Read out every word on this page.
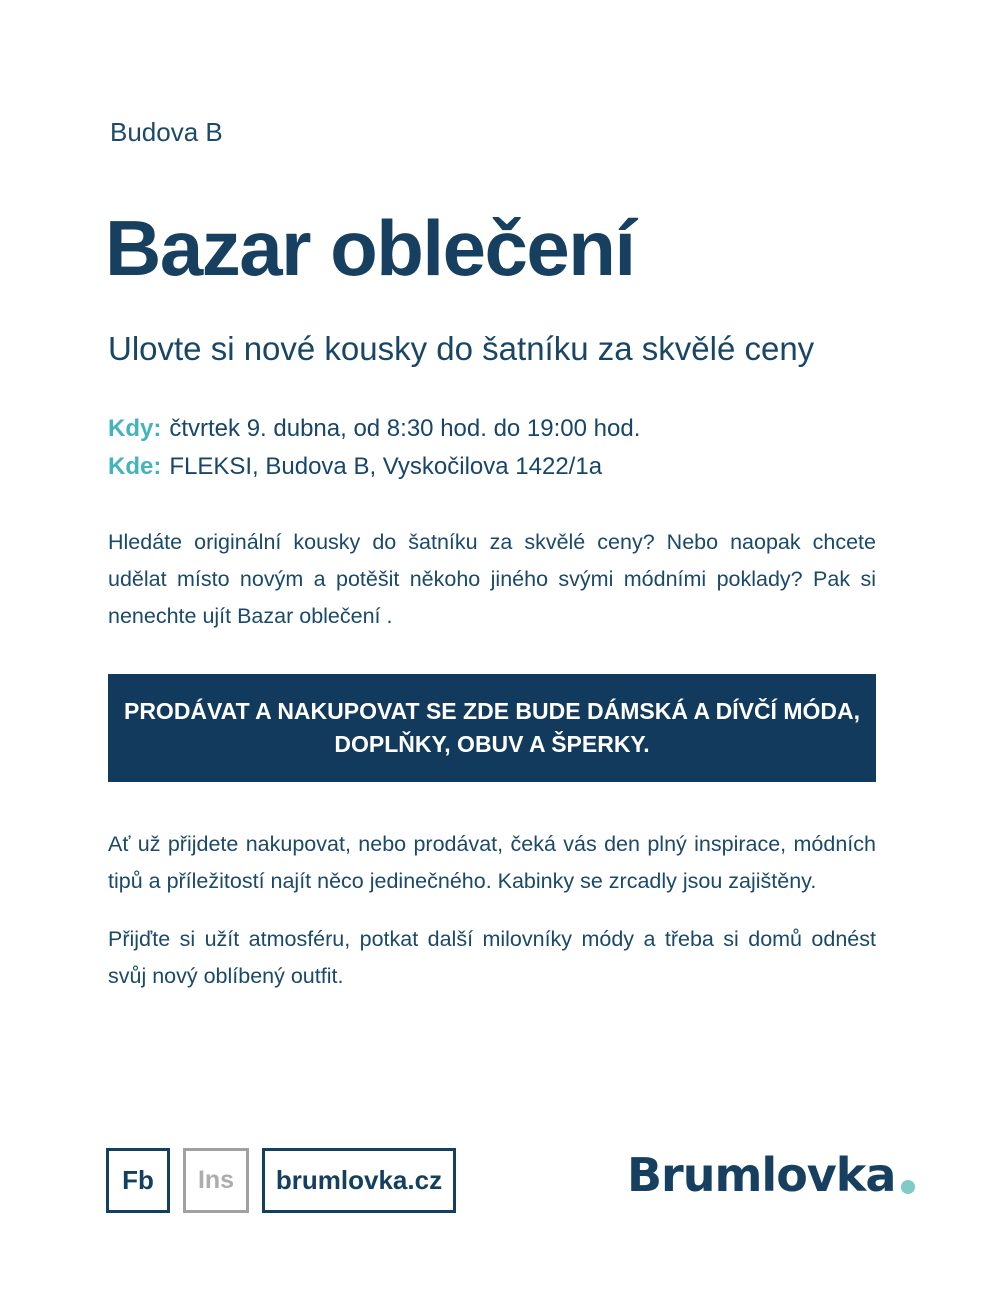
Budova B
Bazar oblečení
Ulovte si nové kousky do šatníku za skvělé ceny
Kdy: čtvrtek 9. dubna, od 8:30 hod. do 19:00 hod.
Kde: FLEKSI, Budova B, Vyskočilova 1422/1a

Hledáte originální kousky do šatníku za skvělé ceny? Nebo naopak chcete udělat místo novým a potěšit někoho jiného svými módními poklady? Pak si nenechte ujít Bazar oblečení .

PRODÁVAT A NAKUPOVAT SE ZDE BUDE DÁMSKÁ A DÍVČÍ MÓDA,
DOPLŇKY, OBUV A ŠPERKY.

Ať už přijdete nakupovat, nebo prodávat, čeká vás den plný inspirace, módních tipů a příležitostí najít něco jedinečného. Kabinky se zrcadly jsou zajištěny.

Přijďte si užít atmosféru, potkat další milovníky módy a třeba si domů odnést svůj nový oblíbený outfit.

Fb Ins brumlovka.cz	Brumlovka
